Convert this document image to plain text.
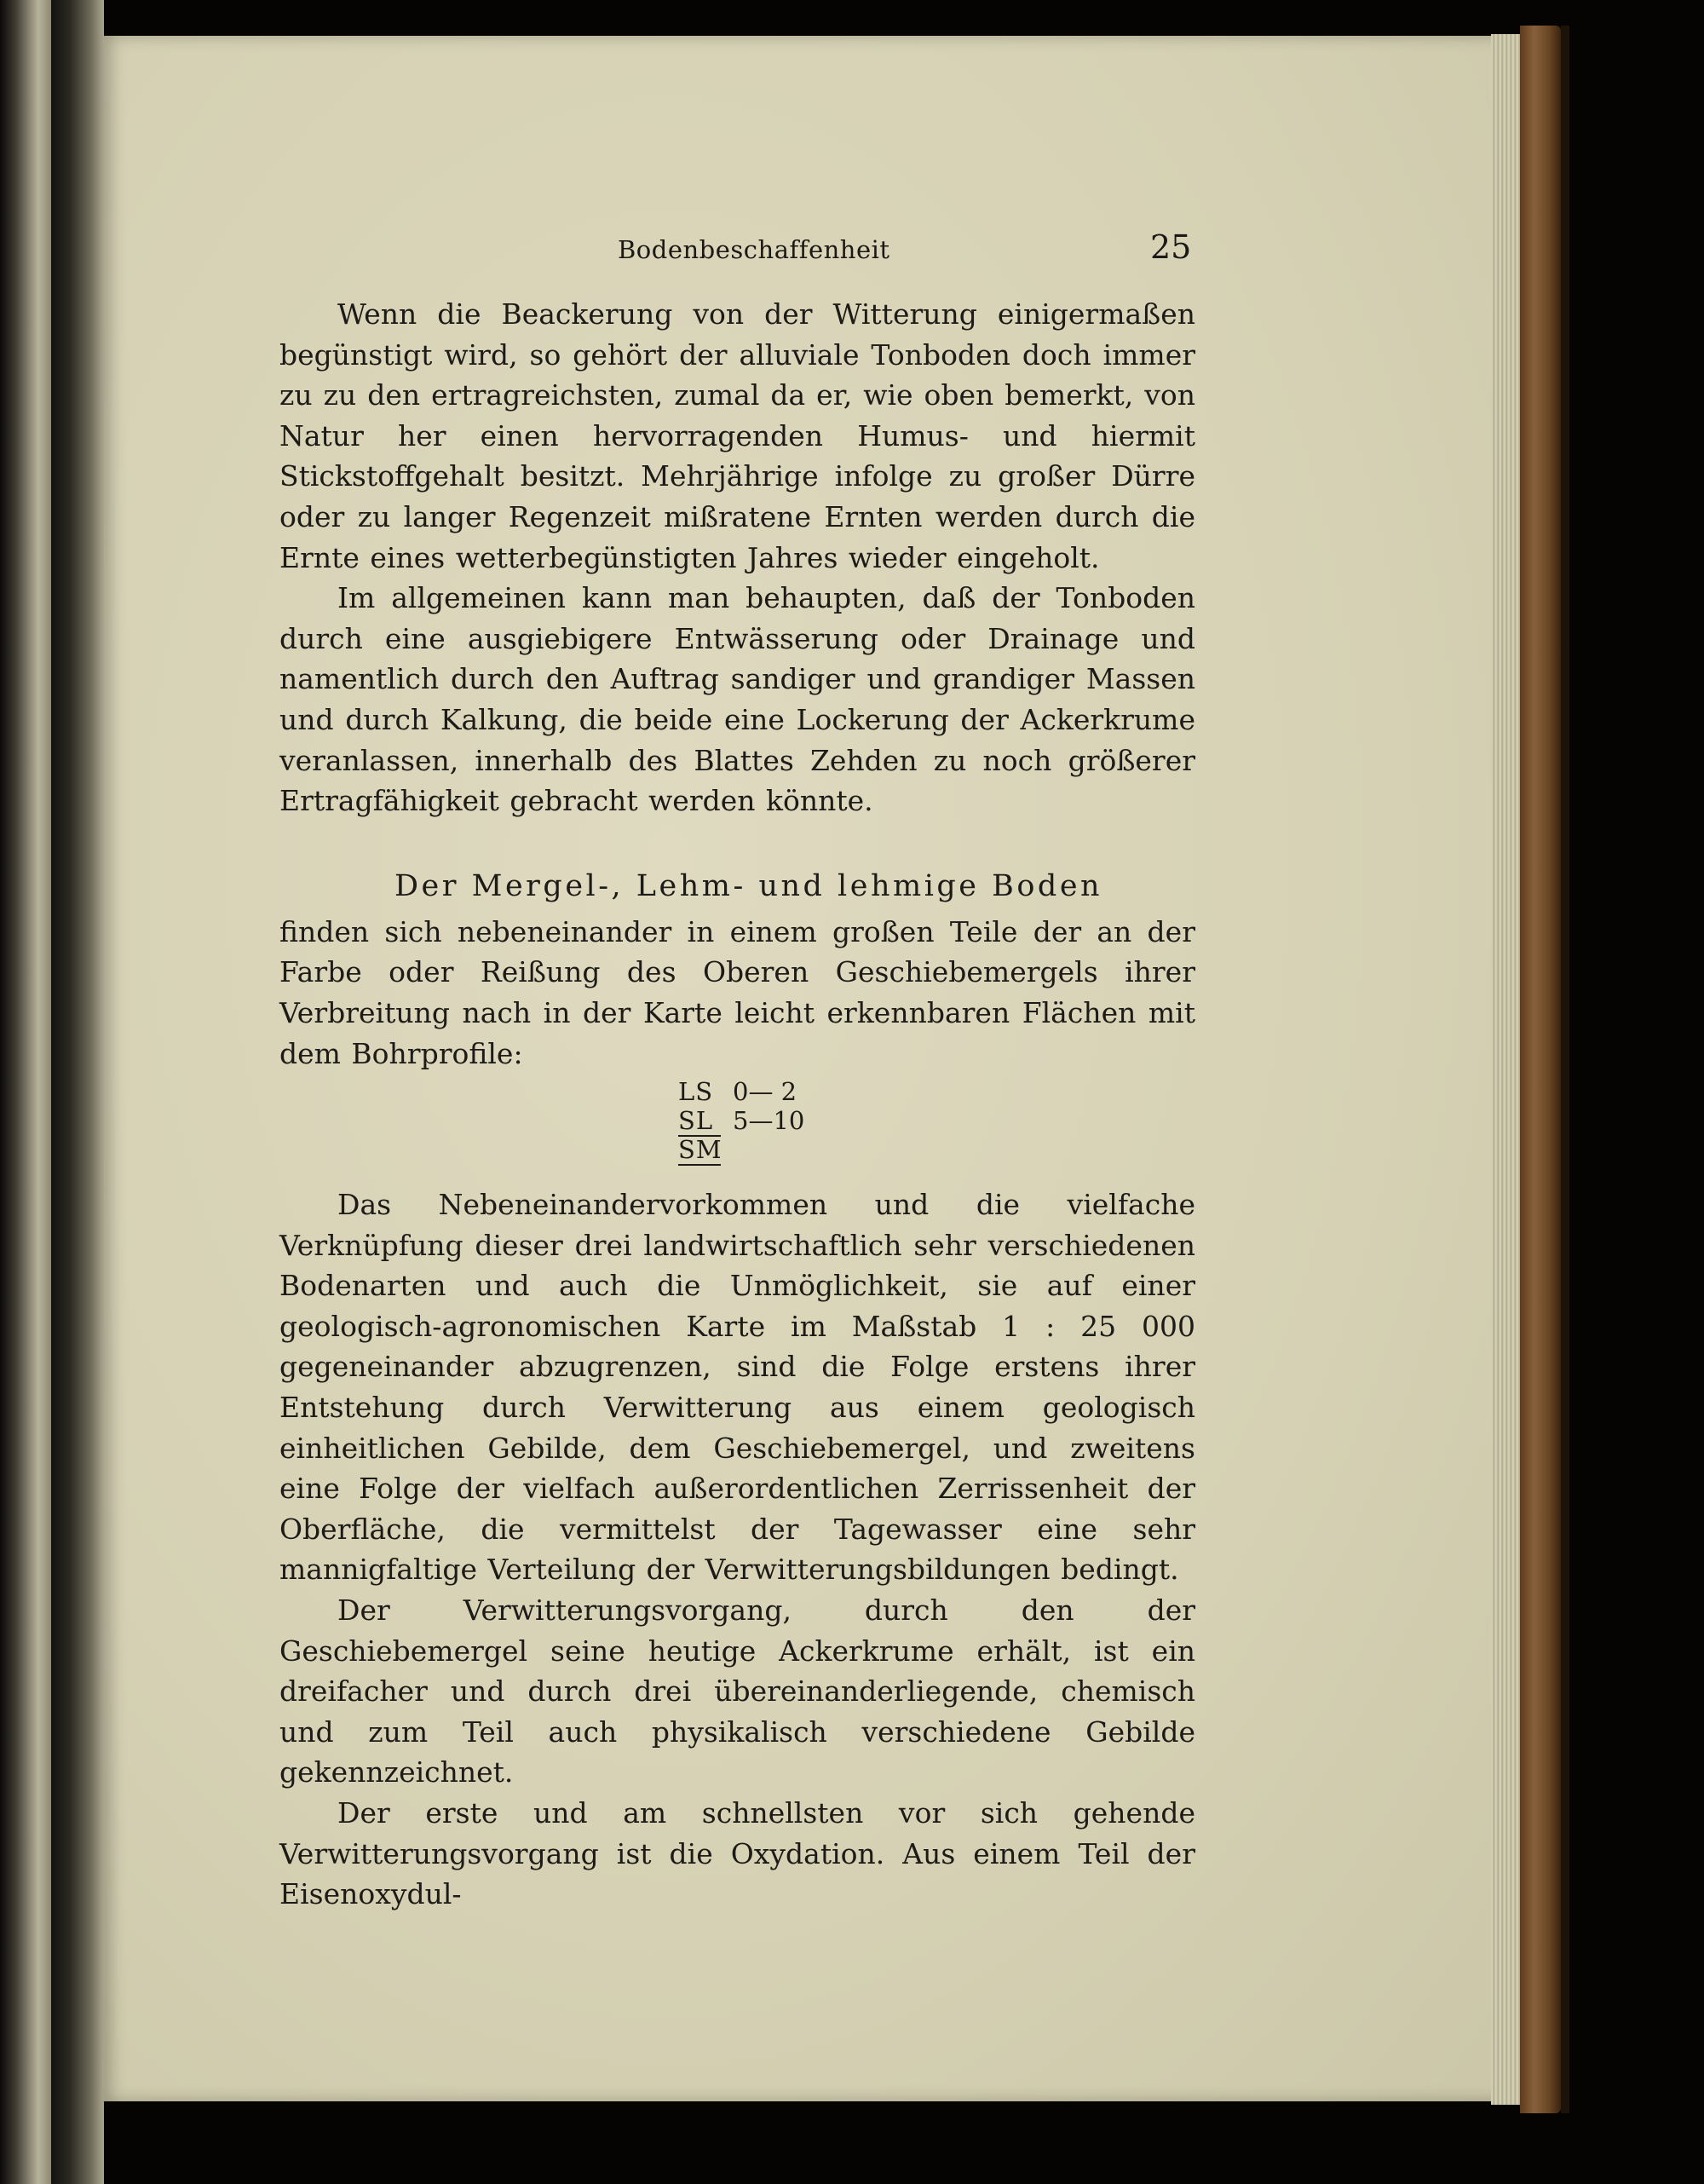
Bodenbeschaffenheit	25

Wenn die Beackerung von der Witterung einigermaßen begünstigt wird, so gehört der alluviale Tonboden doch immer zu zu den ertragreichsten, zumal da er, wie oben bemerkt, von Natur her einen hervorragenden Humus- und hiermit Stickstoffgehalt besitzt. Mehrjährige infolge zu großer Dürre oder zu langer Regenzeit mißratene Ernten werden durch die Ernte eines wetterbegünstigten Jahres wieder eingeholt.

Im allgemeinen kann man behaupten, daß der Tonboden durch eine ausgiebigere Entwässerung oder Drainage und namentlich durch den Auftrag sandiger und grandiger Massen und durch Kalkung, die beide eine Lockerung der Ackerkrume veranlassen, innerhalb des Blattes Zehden zu noch größerer Ertragfähigkeit gebracht werden könnte.

Der Mergel-, Lehm- und lehmige Boden

finden sich nebeneinander in einem großen Teile der an der Farbe oder Reißung des Oberen Geschiebemergels ihrer Verbreitung nach in der Karte leicht erkennbaren Flächen mit dem Bohrprofile:

LS 0— 2
SL 5—10
SM

Das Nebeneinandervorkommen und die vielfache Verknüpfung dieser drei landwirtschaftlich sehr verschiedenen Bodenarten und auch die Unmöglichkeit, sie auf einer geologisch-agronomischen Karte im Maßstab 1 : 25 000 gegeneinander abzugrenzen, sind die Folge erstens ihrer Entstehung durch Verwitterung aus einem geologisch einheitlichen Gebilde, dem Geschiebemergel, und zweitens eine Folge der vielfach außerordentlichen Zerrissenheit der Oberfläche, die vermittelst der Tagewasser eine sehr mannigfaltige Verteilung der Verwitterungsbildungen bedingt.

Der Verwitterungsvorgang, durch den der Geschiebemergel seine heutige Ackerkrume erhält, ist ein dreifacher und durch drei übereinanderliegende, chemisch und zum Teil auch physikalisch verschiedene Gebilde gekennzeichnet.

Der erste und am schnellsten vor sich gehende Verwitterungsvorgang ist die Oxydation. Aus einem Teil der Eisenoxydul-
